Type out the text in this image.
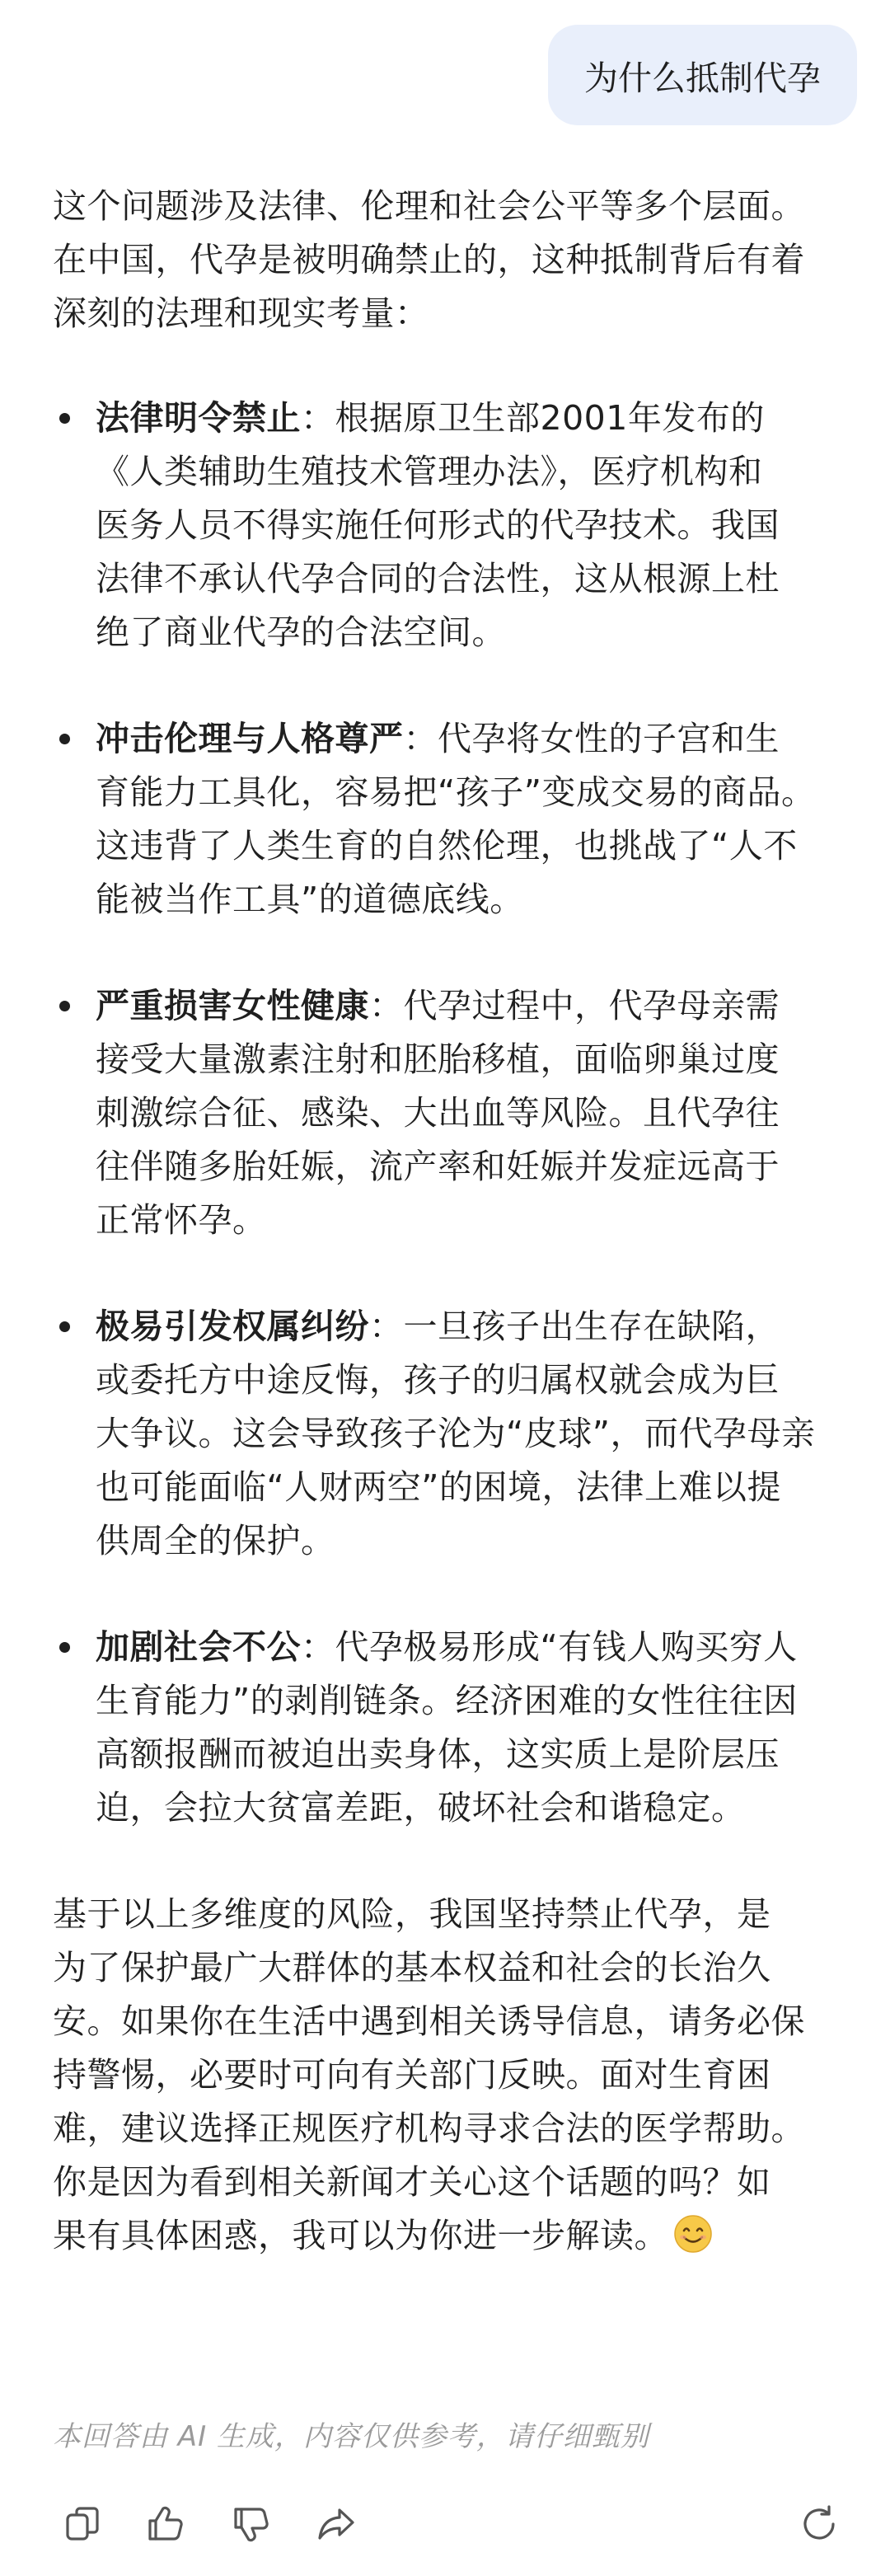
为什么抵制代孕

这个问题涉及法律、伦理和社会公平等多个层面。
在中国，代孕是被明确禁止的，这种抵制背后有着
深刻的法理和现实考量：

法律明令禁止：根据原卫生部2001年发布的
《人类辅助生殖技术管理办法》，医疗机构和
医务人员不得实施任何形式的代孕技术。我国
法律不承认代孕合同的合法性，这从根源上杜
绝了商业代孕的合法空间。
冲击伦理与人格尊严：代孕将女性的子宫和生
育能力工具化，容易把“孩子”变成交易的商品。
这违背了人类生育的自然伦理，也挑战了“人不
能被当作工具”的道德底线。
严重损害女性健康：代孕过程中，代孕母亲需
接受大量激素注射和胚胎移植，面临卵巢过度
刺激综合征、感染、大出血等风险。且代孕往
往伴随多胎妊娠，流产率和妊娠并发症远高于
正常怀孕。
极易引发权属纠纷：一旦孩子出生存在缺陷，
或委托方中途反悔，孩子的归属权就会成为巨
大争议。这会导致孩子沦为“皮球”，而代孕母亲
也可能面临“人财两空”的困境，法律上难以提
供周全的保护。
加剧社会不公：代孕极易形成“有钱人购买穷人
生育能力”的剥削链条。经济困难的女性往往因
高额报酬而被迫出卖身体，这实质上是阶层压
迫，会拉大贫富差距，破坏社会和谐稳定。

基于以上多维度的风险，我国坚持禁止代孕，是
为了保护最广大群体的基本权益和社会的长治久
安。如果你在生活中遇到相关诱导信息，请务必保
持警惕，必要时可向有关部门反映。面对生育困
难，建议选择正规医疗机构寻求合法的医学帮助。
你是因为看到相关新闻才关心这个话题的吗？如
果有具体困惑，我可以为你进一步解读。

本回答由 AI 生成，内容仅供参考，请仔细甄别
